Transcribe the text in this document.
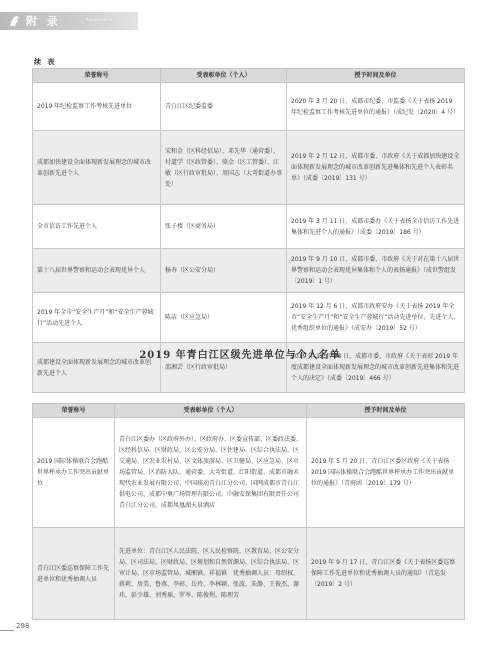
附 录	Appendix
续 表
荣誉称号	受表彰单位（个人）	授予时间及单位
2019 年纪检监察工作考核先进单位	青白江区纪委监委	2020 年 3 月 20 日，成都市纪委、市监委《关于表扬 2019 年纪检监察工作考核先进单位的通报》（成纪发〔2020〕4 号）
成都加快建设全面体现新发展理念的城市改革创新先进个人	宋和金（区科经信局）、邓先华（通菅委）、付道学（区政管委）、骆金（区工管委）、江敏（区行政审批局）、周国志（大弯街道办事处）	2019 年 2 月 12 日，成都市委、市政府《关于成都加快建设全面体现新发展理念的城市改革创新先进集体和先进个人表彰名单》（成委〔2019〕131 号）
全市信访工作先进个人	张子楼（区商务局）	2019 年 3 月 11 日，成都市委办《关于表扬全市信访工作先进集体和先进个人的通报》（成委〔2019〕186 号）
第十八届世界警察和运动会表现优异个人	杨寿（区公安分局）	2019 年 9 月 10 日，成都市委、市政府《关于对在第十八届世界警察和运动会表现优异集体和个人的表扬通报》（成世警组发〔2019〕1 号）
2019 年全市“安全生产月”和“安全生产蓉城行”活动先进个人	陈洁（区应急局）	2019 年 12 月 6 日，成都市政府安办《关于表扬 2019 年全市“安全生产月”和“安全生产蓉城行”活动先进单位、先进个人、优秀组织单位的通报》（成安办〔2019〕52 号）
成都建设全面体现新发展理念的城市改革创新先进个人	邵湘芸（区行政审批局）	2019 年 12 月 28 日，成都市委、市政府《关于表彰 2019 年度成都建设全面体现新发展理念的城市改革创新先进集体和先进个人的决定》（成委〔2019〕466 号）
2019 年青白江区级先进单位与个人名单
荣誉称号	受表彰单位（个人）	授予时间及单位
2019 国际体操联合会跑酷世界杯承办工作突出贡献单位	青白江区委办（区政府外办）、区政府办、区委宣传部、区委政法委、区经科信局、区财政局、区公安分局、区住建局、区综合执法局、区交通局、区农业农村局、区文体旅游局、区卫健局、区应急局、区市场监管局、区消防大队、通菅委、大弯街道、红阳街道、成都市融禾现代农业发展有限公司、中国移动青白江分公司、国网成都市青白江供电公司、成都中奥广场管理有限公司、中融安保集团有限责任公司青白江分公司、成都凤凰湖天泉酒店	2019 年 5 月 20 日，青白江区委区政府《关于表扬 2019 国际体操联合会跑酷世界杯承办工作突出贡献单位的通报》（青府函〔2019〕179 号）
青白江区委巡察保障工作先进单位和优秀抽调人员	先进单位：青白江区人民法院、区人民检察院、区教育局、区公安分局、区司法局、区财政局、区规划和自然资源局、区综合执法局、区审计局、区市场监管局、城厢镇、祥福镇　优秀抽调人员：母绍权、蒋莉、房美、鲁燕、李彰、岳玲、李林颖、张波、朱静、王俊杰、谢玮、彭少雄、刘秀瑶、罗岑、陈俊利、陈理芳	2019 年 9 月 17 日，青白江区委《关于表扬区委巡察保障工作先进单位和优秀抽调人员的通知》（青巡发〔2019〕2 号）
298
